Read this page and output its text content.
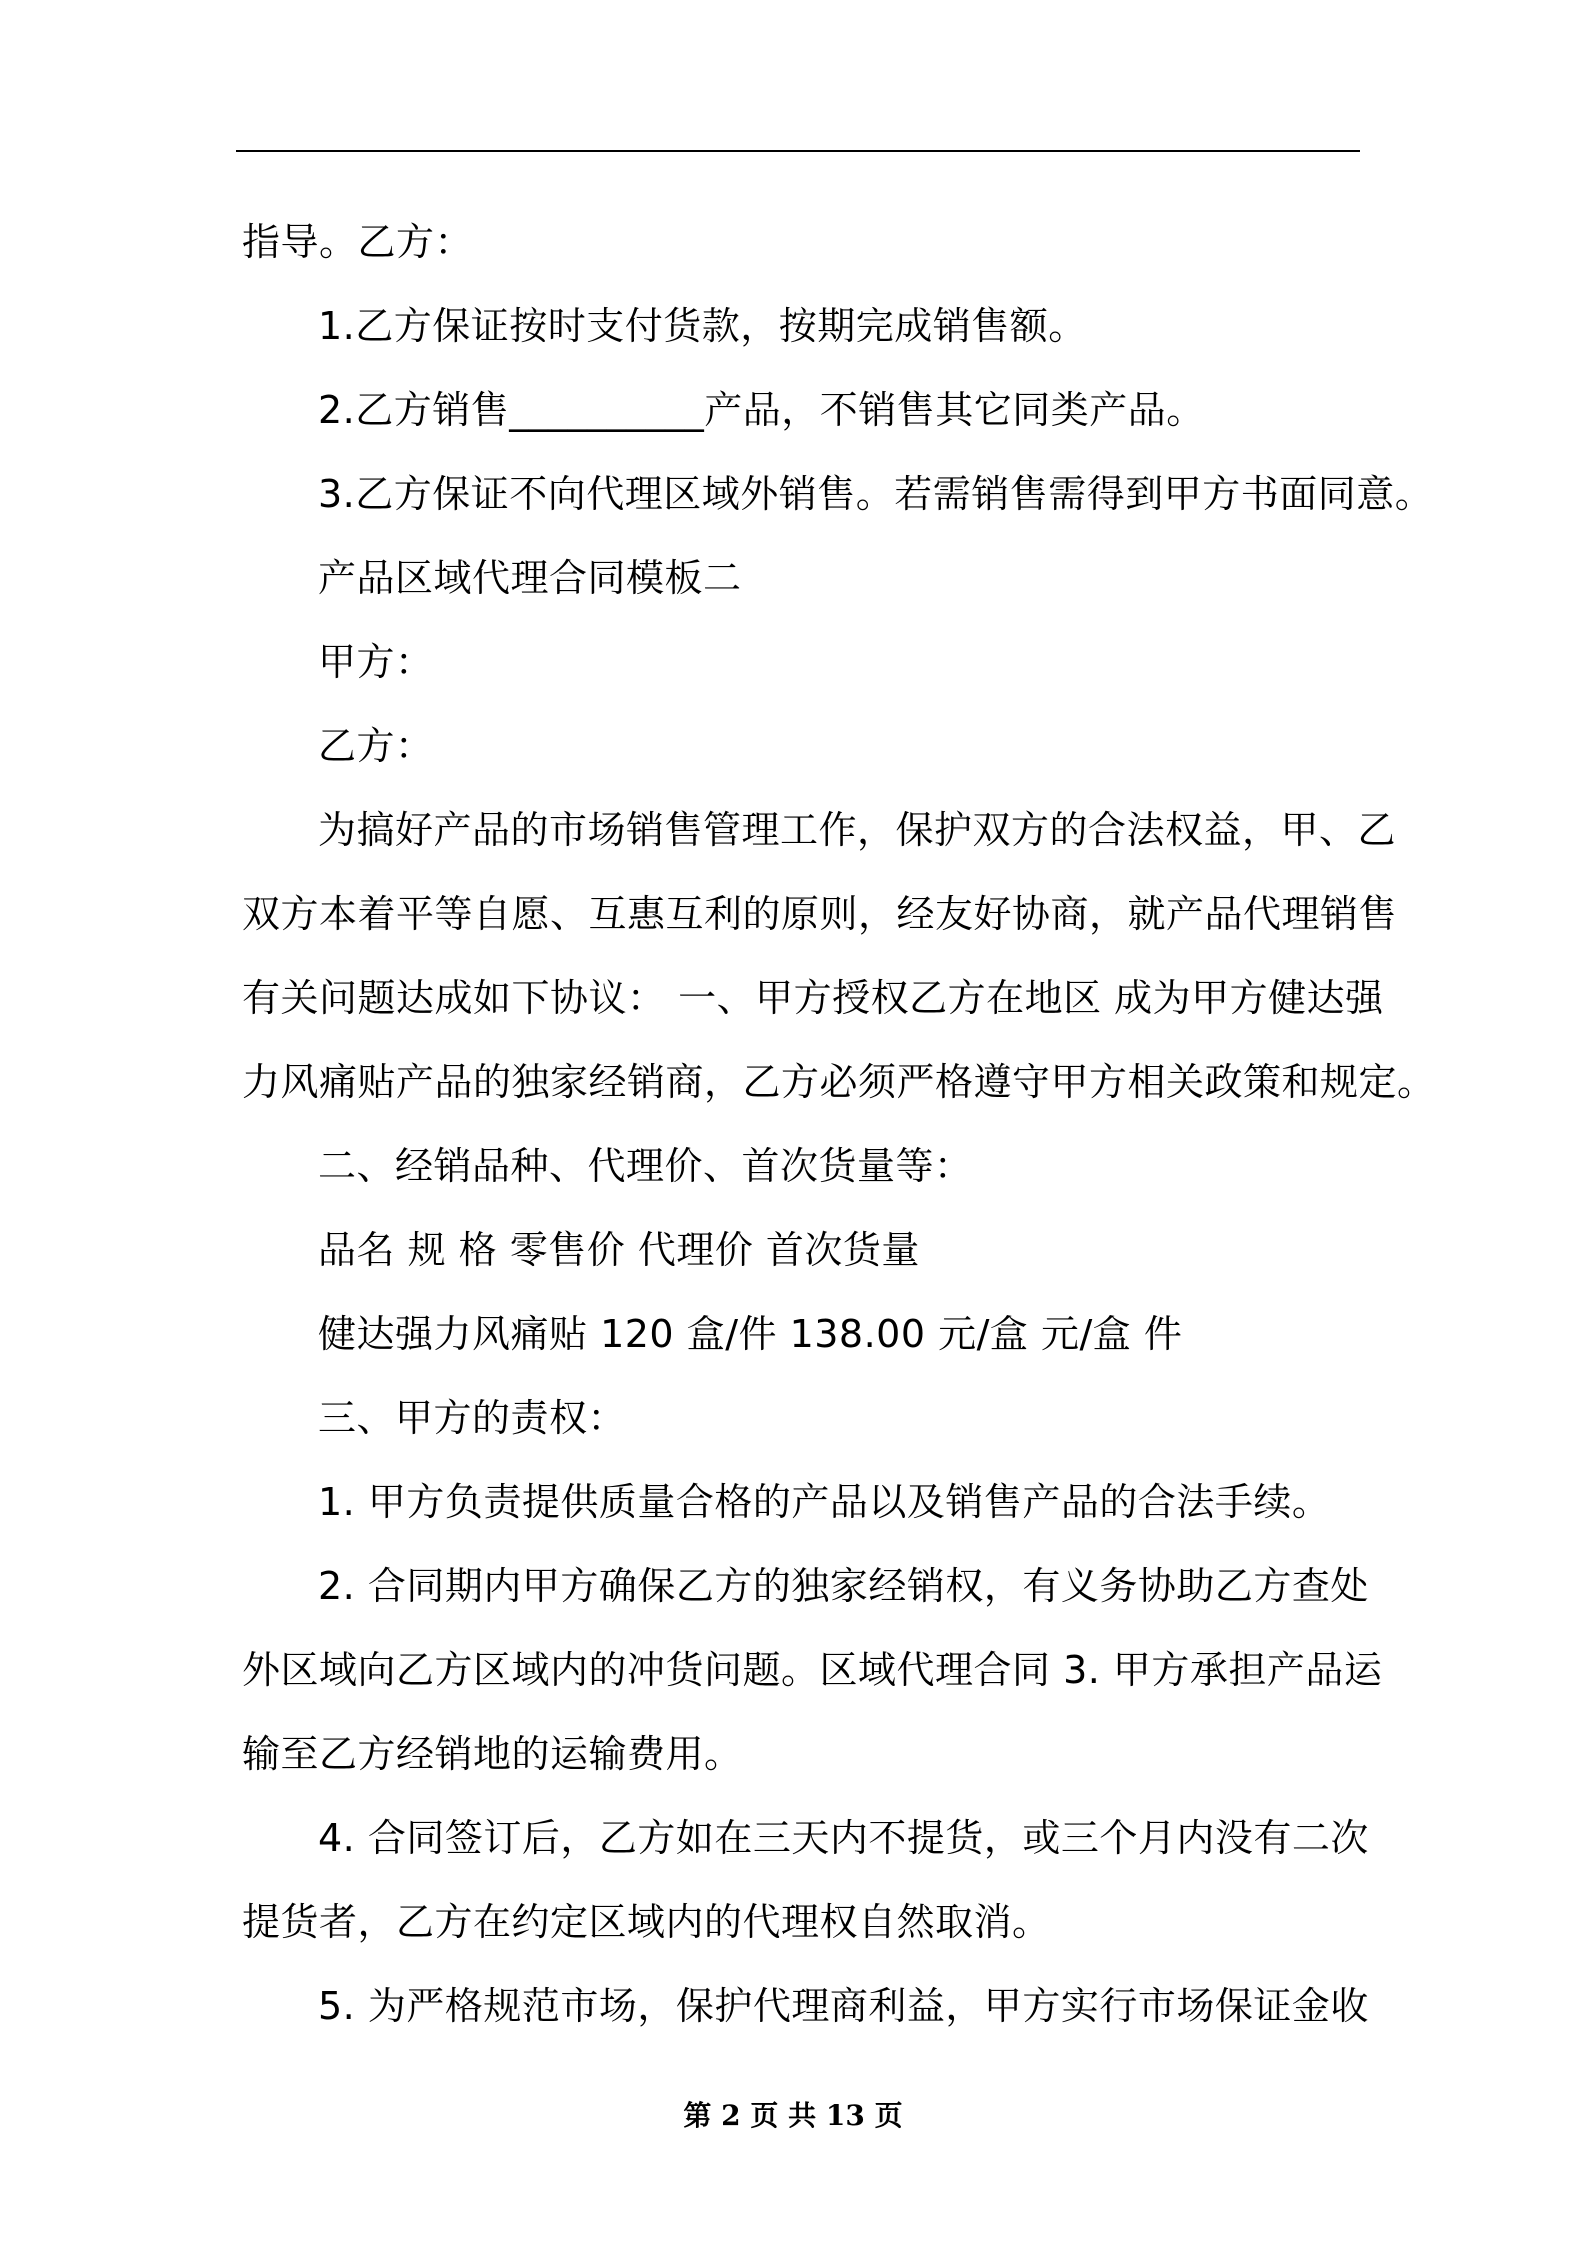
指导。乙方：

1.乙方保证按时支付货款，按期完成销售额。

2.乙方销售__________产品，不销售其它同类产品。

3.乙方保证不向代理区域外销售。若需销售需得到甲方书面同意。

产品区域代理合同模板二

甲方：

乙方：

为搞好产品的市场销售管理工作，保护双方的合法权益，甲、乙

双方本着平等自愿、互惠互利的原则，经友好协商，就产品代理销售

有关问题达成如下协议： 一、甲方授权乙方在地区 成为甲方健达强

力风痛贴产品的独家经销商，乙方必须严格遵守甲方相关政策和规定。

二、经销品种、代理价、首次货量等：

品名 规 格 零售价 代理价 首次货量

健达强力风痛贴 120 盒/件 138.00 元/盒 元/盒 件

三、甲方的责权：

1. 甲方负责提供质量合格的产品以及销售产品的合法手续。

2. 合同期内甲方确保乙方的独家经销权，有义务协助乙方查处

外区域向乙方区域内的冲货问题。区域代理合同 3. 甲方承担产品运

输至乙方经销地的运输费用。

4. 合同签订后，乙方如在三天内不提货，或三个月内没有二次

提货者，乙方在约定区域内的代理权自然取消。

5. 为严格规范市场，保护代理商利益，甲方实行市场保证金收

第 2 页 共 13 页
